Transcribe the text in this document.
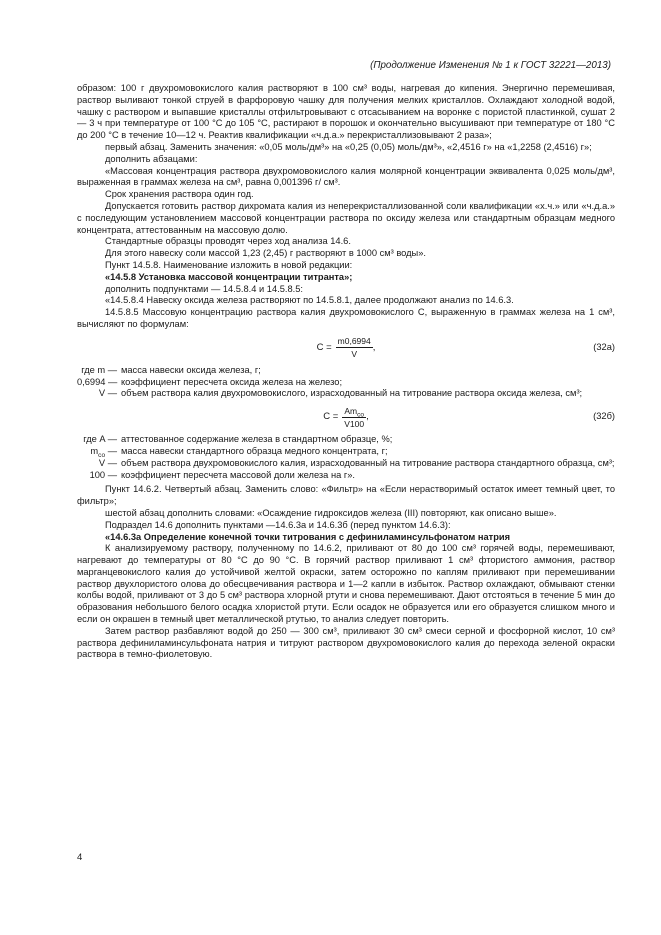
(Продолжение Изменения № 1 к ГОСТ 32221—2013)

образом: 100 г двухромовокислого калия растворяют в 100 см³ воды, нагревая до кипения. Энергично перемешивая, раствор выливают тонкой струей в фарфоровую чашку для получения мелких кристаллов. Охлаждают холодной водой, чашку с раствором и выпавшие кристаллы отфильтровывают с отсасыванием на воронке с пористой пластинкой, сушат 2 — 3 ч при температуре от 100 °С до 105 °С, растирают в порошок и окончательно высушивают при температуре от 180 °С до 200 °С в течение 10—12 ч. Реактив квалификации «ч.д.а.» перекристаллизовывают 2 раза»;

первый абзац. Заменить значения: «0,05 моль/дм³» на «0,25 (0,05) моль/дм³», «2,4516 г» на «1,2258 (2,4516) г»;

дополнить абзацами:

«Массовая концентрация раствора двухромовокислого калия молярной концентрации эквивалента 0,025 моль/дм³, выраженная в граммах железа на см³, равна 0,001396 г/ см³.

Срок хранения раствора один год.

Допускается готовить раствор дихромата калия из неперекристаллизованной соли квалификации «х.ч.» или «ч.д.а.» с последующим установлением массовой концентрации раствора по оксиду железа или стандартным образцам медного концентрата, аттестованным на массовую долю.

Стандартные образцы проводят через ход анализа 14.6.

Для этого навеску соли массой 1,23 (2,45) г растворяют в 1000 см³ воды».

Пункт 14.5.8. Наименование изложить в новой редакции:

«14.5.8 Установка массовой концентрации титранта»;

дополнить подпунктами — 14.5.8.4 и 14.5.8.5:

«14.5.8.4 Навеску оксида железа растворяют по 14.5.8.1, далее продолжают анализ по 14.6.3.

14.5.8.5 Массовую концентрацию раствора калия двухромовокислого С, выраженную в граммах железа на 1 см³, вычисляют по формулам:

$C = \frac{m0,6994}{V}$ ,	(32а)
где m — масса навески оксида железа, г;
0,6994 — коэффициент пересчета оксида железа на железо;
V — объем раствора калия двухромовокислого, израсходованный на титрование раствора оксида железа, см³;
$C = \frac{Am_{со}}{V100}$ ,	(32б)
где A — аттестованное содержание железа в стандартном образце, %;
$m_{со}$ — масса навески стандартного образца медного концентрата, г;
V — объем раствора двухромовокислого калия, израсходованный на титрование раствора стандартного образца, см³;
100 — коэффициент пересчета массовой доли железа на г».

Пункт 14.6.2. Четвертый абзац. Заменить слово: «Фильтр» на «Если нерастворимый остаток имеет темный цвет, то фильтр»;

шестой абзац дополнить словами: «Осаждение гидроксидов железа (III) повторяют, как описано выше».

Подраздел 14.6 дополнить пунктами —14.6.3а и 14.6.3б (перед пунктом 14.6.3):

«14.6.3а Определение конечной точки титрования с дефиниламинсульфонатом натрия

К анализируемому раствору, полученному по 14.6.2, приливают от 80 до 100 см³ горячей воды, перемешивают, нагревают до температуры от 80 °С до 90 °С. В горячий раствор приливают 1 см³ фтористого аммония, раствор марганцевокислого калия до устойчивой желтой окраски, затем осторожно по каплям приливают при перемешивании раствор двухлористого олова до обесцвечивания раствора и 1—2 капли в избыток. Раствор охлаждают, обмывают стенки колбы водой, приливают от 3 до 5 см³ раствора хлорной ртути и снова перемешивают. Дают отстояться в течение 5 мин до образования небольшого белого осадка хлористой ртути. Если осадок не образуется или его образуется слишком много и если он окрашен в темный цвет металлической ртутью, то анализ следует повторить.

Затем раствор разбавляют водой до 250 — 300 см³, приливают 30 см³ смеси серной и фосфорной кислот, 10 см³ раствора дефиниламинсульфоната натрия и титруют раствором двухромовокислого калия до перехода зеленой окраски раствора в темно-фиолетовую.

4
